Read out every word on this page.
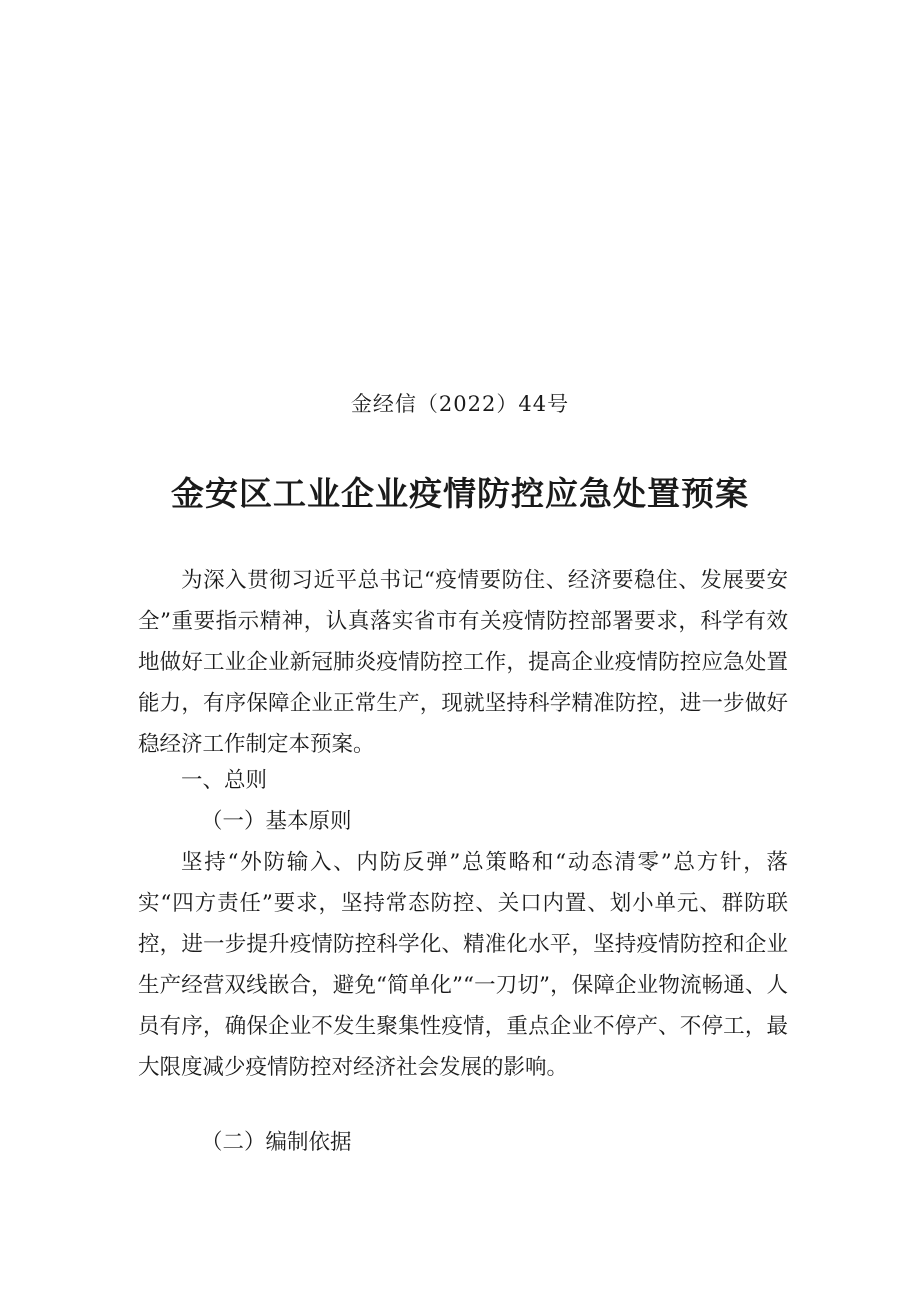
金经信（2022）44号
金安区工业企业疫情防控应急处置预案

为深入贯彻习近平总书记“疫情要防住、经济要稳住、发展要安全”重要指示精神，认真落实省市有关疫情防控部署要求，科学有效地做好工业企业新冠肺炎疫情防控工作，提高企业疫情防控应急处置能力，有序保障企业正常生产，现就坚持科学精准防控，进一步做好稳经济工作制定本预案。

一、总则

（一）基本原则

坚持“外防输入、内防反弹”总策略和“动态清零”总方针，落实“四方责任”要求，坚持常态防控、关口内置、划小单元、群防联控，进一步提升疫情防控科学化、精准化水平，坚持疫情防控和企业生产经营双线嵌合，避免“简单化”“一刀切”，保障企业物流畅通、人员有序，确保企业不发生聚集性疫情，重点企业不停产、不停工，最大限度减少疫情防控对经济社会发展的影响。

（二）编制依据
